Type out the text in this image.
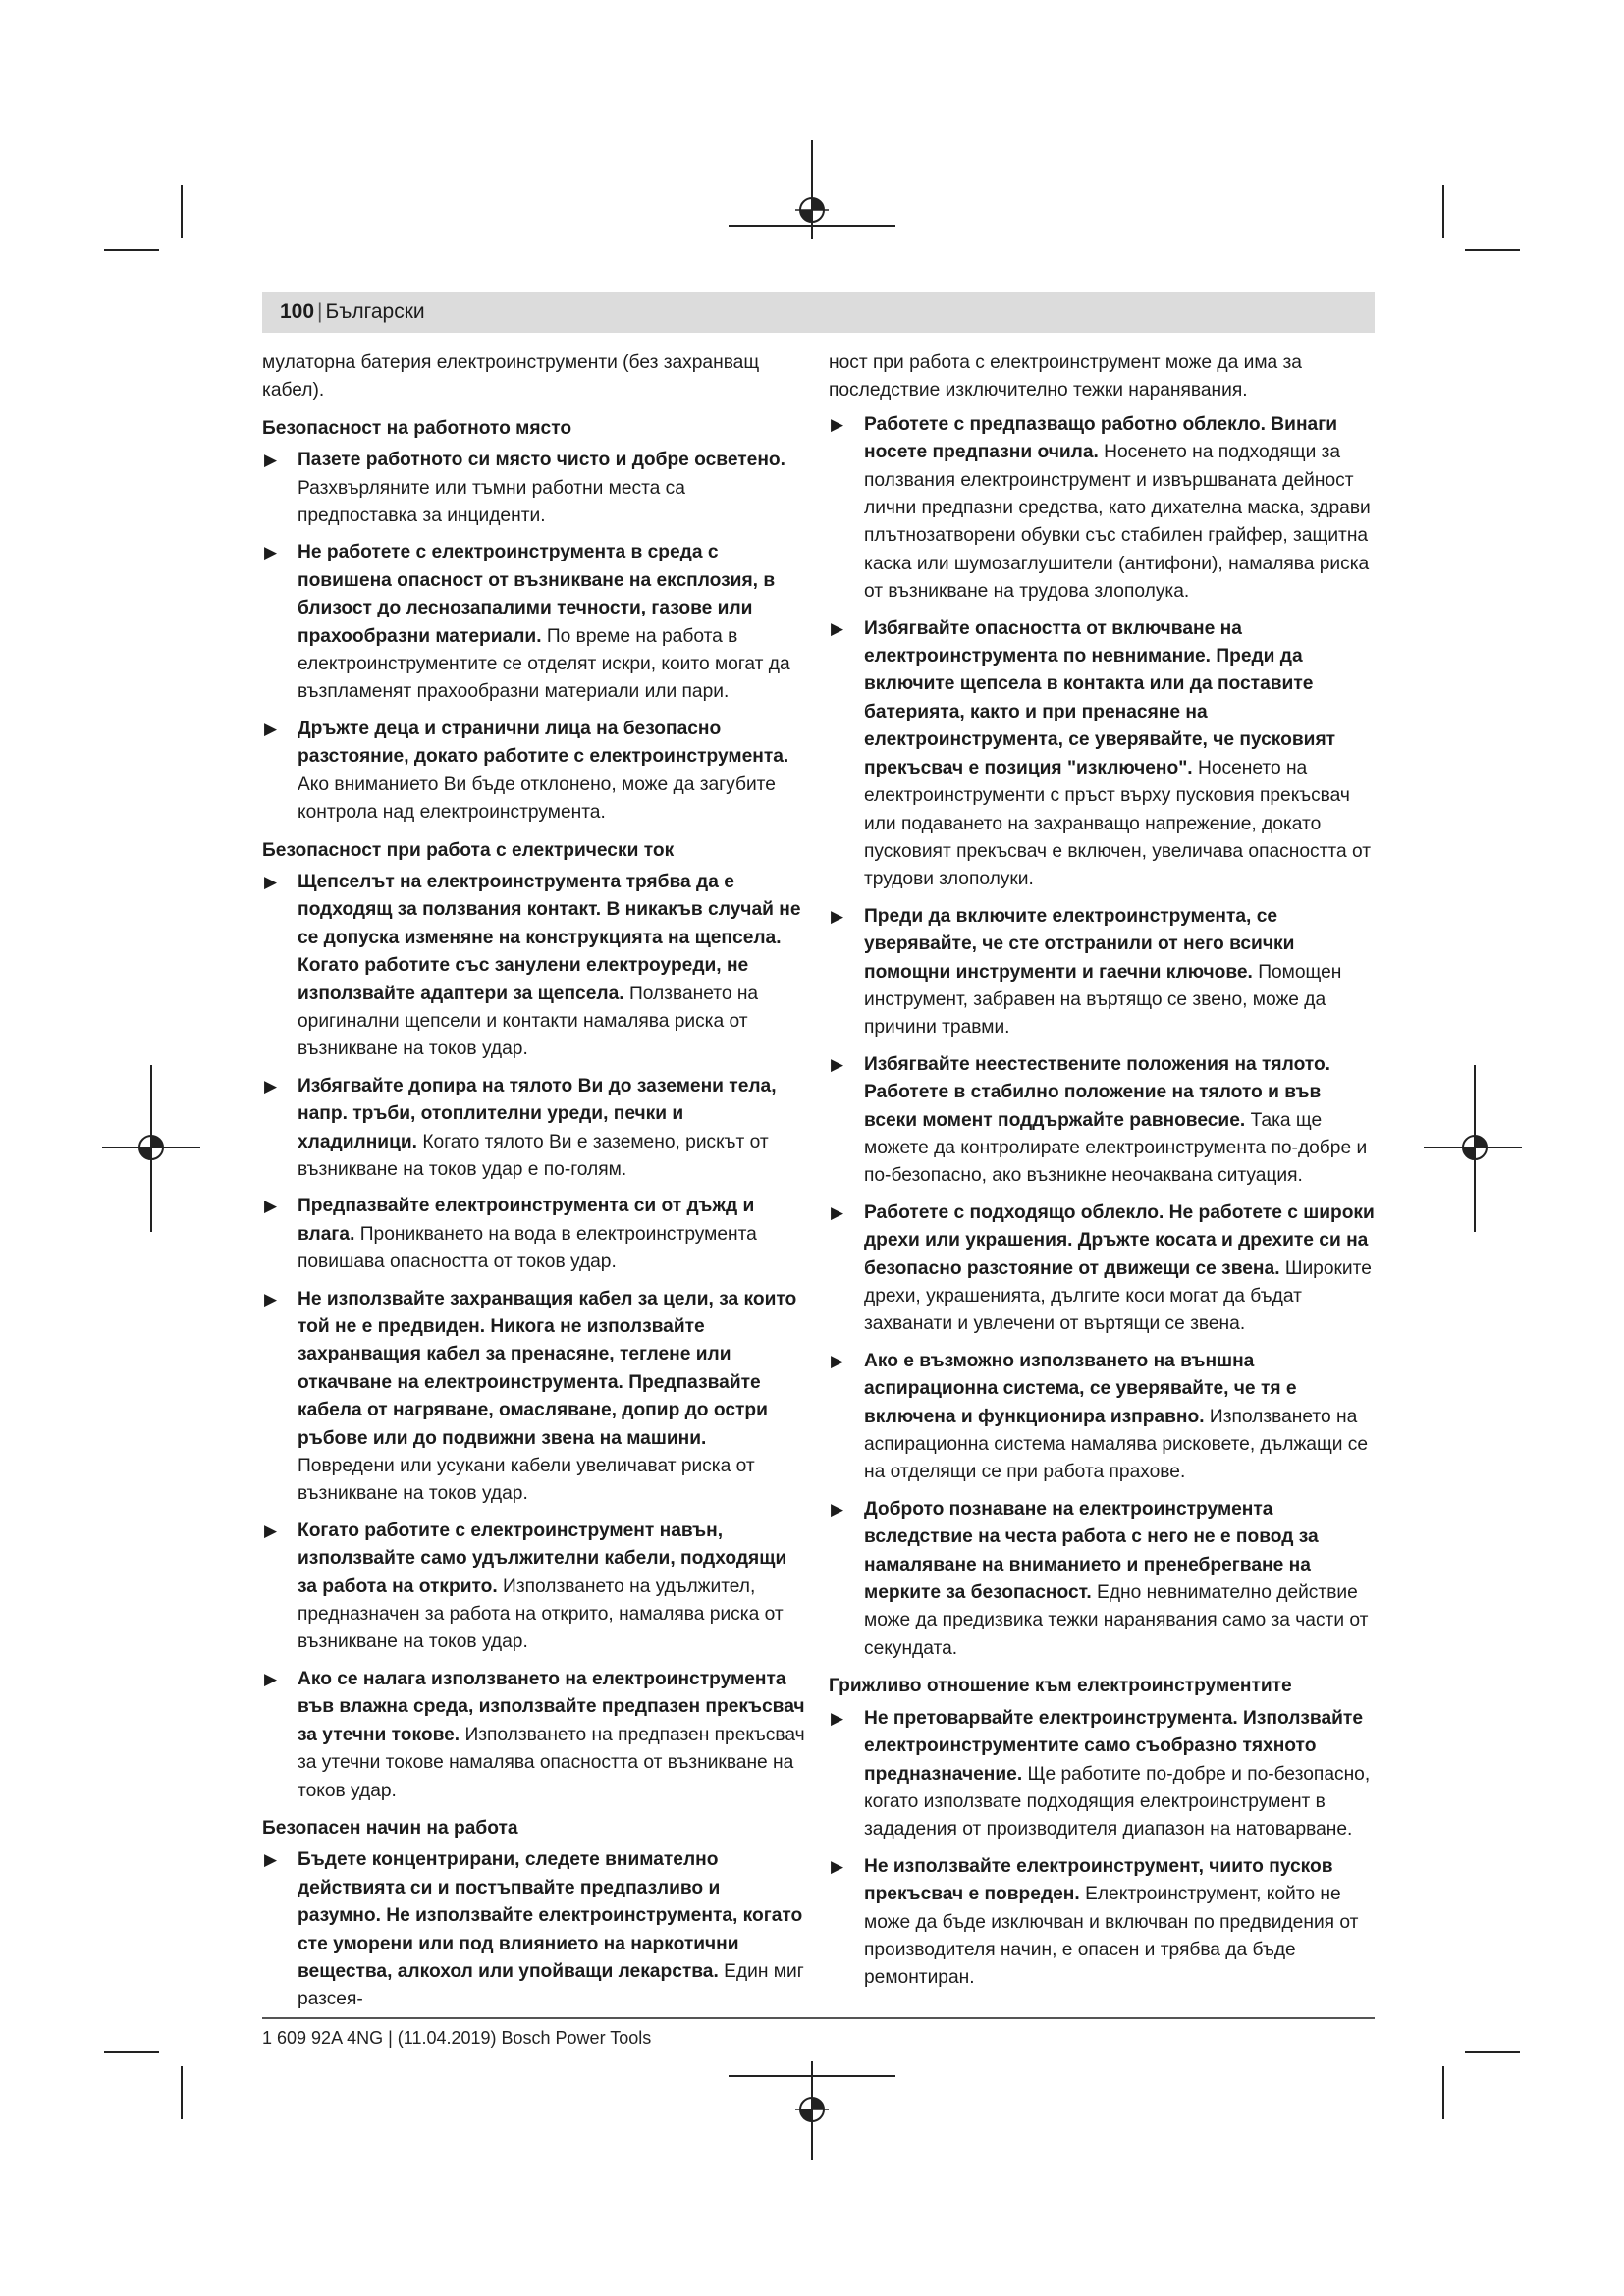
100 | Български

мулаторна батерия електроинструменти (без захранващ кабел).

Безопасност на работното място
▶ Пазете работното си място чисто и добре осветено. Разхвърляните или тъмни работни места са предпоставка за инциденти.
▶ Не работете с електроинструмента в среда с повишена опасност от възникване на експлозия, в близост до леснозапалими течности, газове или прахообразни материали. По време на работа в електроинструментите се отделят искри, които могат да възпламенят прахообразни материали или пари.
▶ Дръжте деца и странични лица на безопасно разстояние, докато работите с електроинструмента. Ако вниманието Ви бъде отклонено, може да загубите контрола над електроинструмента.
Безопасност при работа с електрически ток
▶ Щепселът на електроинструмента трябва да е подходящ за ползвания контакт. В никакъв случай не се допуска изменяне на конструкцията на щепсела. Когато работите със занулени електроуреди, не използвайте адаптери за щепсела. Ползването на оригинални щепсели и контакти намалява риска от възникване на токов удар.
▶ Избягвайте допира на тялото Ви до заземени тела, напр. тръби, отоплителни уреди, печки и хладилници. Когато тялото Ви е заземено, рискът от възникване на токов удар е по-голям.
▶ Предпазвайте електроинструмента си от дъжд и влага. Проникването на вода в електроинструмента повишава опасността от токов удар.
▶ Не използвайте захранващия кабел за цели, за които той не е предвиден. Никога не използвайте захранващия кабел за пренасяне, теглене или откачване на електроинструмента. Предпазвайте кабела от нагряване, омасляване, допир до остри ръбове или до подвижни звена на машини. Повредени или усукани кабели увеличават риска от възникване на токов удар.
▶ Когато работите с електроинструмент навън, използвайте само удължителни кабели, подходящи за работа на открито. Използването на удължител, предназначен за работа на открито, намалява риска от възникване на токов удар.
▶ Ако се налага използването на електроинструмента във влажна среда, използвайте предпазен прекъсвач за утечни токове. Използването на предпазен прекъсвач за утечни токове намалява опасността от възникване на токов удар.
Безопасен начин на работа
▶ Бъдете концентрирани, следете внимателно действията си и постъпвайте предпазливо и разумно. Не използвайте електроинструмента, когато сте уморени или под влиянието на наркотични вещества, алкохол или упойващи лекарства. Един миг разсея-

ност при работа с електроинструмент може да има за последствие изключително тежки наранявания.

▶ Работете с предпазващо работно облекло. Винаги носете предпазни очила. Носенето на подходящи за ползвания електроинструмент и извършваната дейност лични предпазни средства, като дихателна маска, здрави плътнозатворени обувки със стабилен грайфер, защитна каска или шумозаглушители (антифони), намалява риска от възникване на трудова злополука.
▶ Избягвайте опасността от включване на електроинструмента по невнимание. Преди да включите щепсела в контакта или да поставите батерията, както и при пренасяне на електроинструмента, се уверявайте, че пусковият прекъсвач е позиция "изключено". Носенето на електроинструменти с пръст върху пусковия прекъсвач или подаването на захранващо напрежение, докато пусковият прекъсвач е включен, увеличава опасността от трудови злополуки.
▶ Преди да включите електроинструмента, се уверявайте, че сте отстранили от него всички помощни инструменти и гаечни ключове. Помощен инструмент, забравен на въртящо се звено, може да причини травми.
▶ Избягвайте неестествените положения на тялото. Работете в стабилно положение на тялото и във всеки момент поддържайте равновесие. Така ще можете да контролирате електроинструмента по-добре и по-безопасно, ако възникне неочаквана ситуация.
▶ Работете с подходящо облекло. Не работете с широки дрехи или украшения. Дръжте косата и дрехите си на безопасно разстояние от движещи се звена. Широките дрехи, украшенията, дългите коси могат да бъдат захванати и увлечени от въртящи се звена.
▶ Ако е възможно използването на външна аспирационна система, се уверявайте, че тя е включена и функционира изправно. Използването на аспирационна система намалява рисковете, дължащи се на отделящи се при работа прахове.
▶ Доброто познаване на електроинструмента вследствие на честа работа с него не е повод за намаляване на вниманието и пренебрегване на мерките за безопасност. Едно невнимателно действие може да предизвика тежки наранявания само за части от секундата.
Грижливо отношение към електроинструментите
▶ Не претоварвайте електроинструмента. Използвайте електроинструментите само съобразно тяхното предназначение. Ще работите по-добре и по-безопасно, когато използвате подходящия електроинструмент в зададения от производителя диапазон на натоварване.
▶ Не използвайте електроинструмент, чиито пусков прекъсвач е повреден. Електроинструмент, който не може да бъде изключван и включван по предвидения от производителя начин, е опасен и трябва да бъде ремонтиран.
1 609 92A 4NG | (11.04.2019) Bosch Power Tools
